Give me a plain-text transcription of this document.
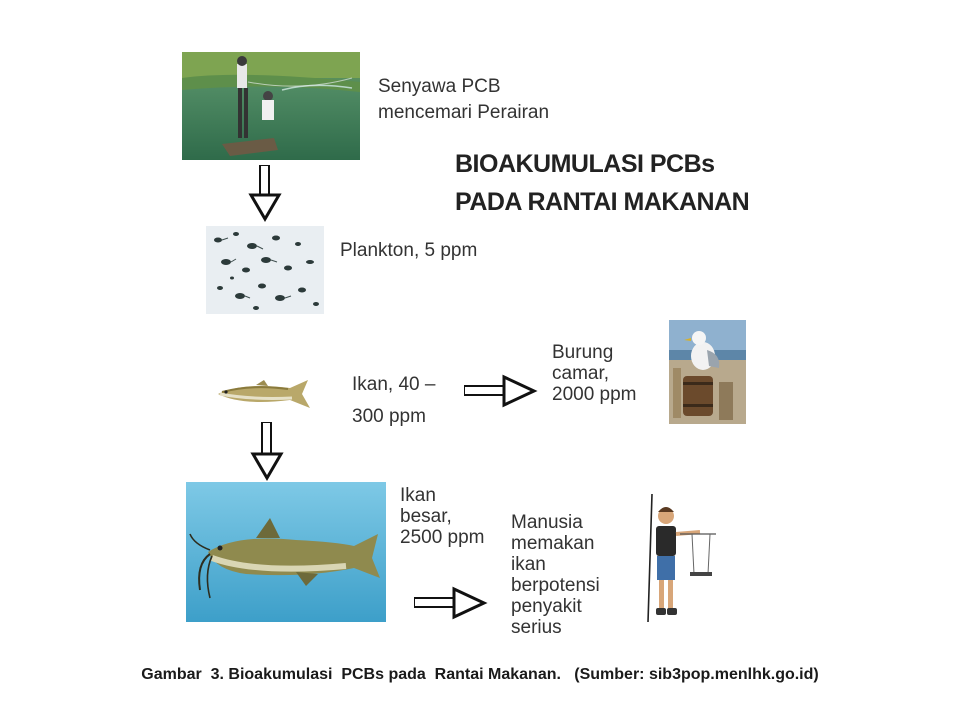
Senyawa PCB
mencemari Perairan
BIOAKUMULASI PCBs
PADA RANTAI MAKANAN
Plankton, 5 ppm
Ikan, 40 –
300 ppm
Burung
camar,
2000 ppm
Ikan
besar,
2500 ppm
Manusia
memakan
ikan
berpotensi
penyakit
serius
Gambar  3. Bioakumulasi  PCBs pada  Rantai Makanan.   (Sumber: sib3pop.menlhk.go.id)
